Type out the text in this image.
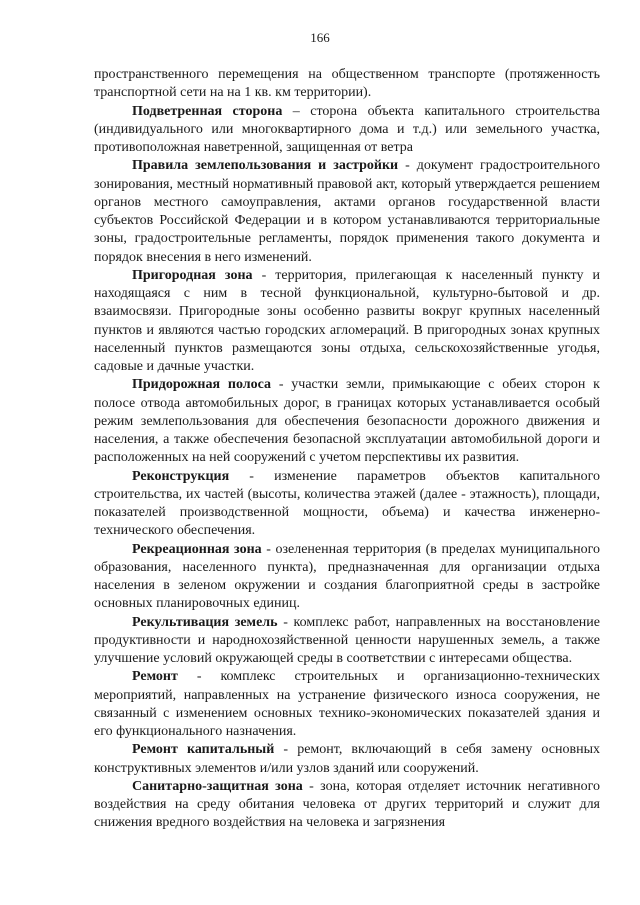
166

пространственного перемещения на общественном транспорте (протяженность транспортной сети на на 1 кв. км территории).

Подветренная сторона – сторона объекта капитального строительства (индивидуального или многоквартирного дома и т.д.) или земельного участка, противоположная наветренной, защищенная от ветра

Правила землепользования и застройки - документ градостроительного зонирования, местный нормативный правовой акт, который утверждается решением органов местного самоуправления, актами органов государственной власти субъектов Российской Федерации и в котором устанавливаются территориальные зоны, градостроительные регламенты, порядок применения такого документа и порядок внесения в него изменений.

Пригородная зона - территория, прилегающая к населенный пункту и находящаяся с ним в тесной функциональной, культурно-бытовой и др. взаимосвязи. Пригородные зоны особенно развиты вокруг крупных населенный пунктов и являются частью городских агломераций. В пригородных зонах крупных населенный пунктов размещаются зоны отдыха, сельскохозяйственные угодья, садовые и дачные участки.

Придорожная полоса - участки земли, примыкающие с обеих сторон к полосе отвода автомобильных дорог, в границах которых устанавливается особый режим землепользования для обеспечения безопасности дорожного движения и населения, а также обеспечения безопасной эксплуатации автомобильной дороги и расположенных на ней сооружений с учетом перспективы их развития.

Реконструкция - изменение параметров объектов капитального строительства, их частей (высоты, количества этажей (далее - этажность), площади, показателей производственной мощности, объема) и качества инженерно-технического обеспечения.

Рекреационная зона - озелененная территория (в пределах муниципального образования, населенного пункта), предназначенная для организации отдыха населения в зеленом окружении и создания благоприятной среды в застройке основных планировочных единиц.

Рекультивация земель - комплекс работ, направленных на восстановление продуктивности и народнохозяйственной ценности нарушенных земель, а также улучшение условий окружающей среды в соответствии с интересами общества.

Ремонт - комплекс строительных и организационно-технических мероприятий, направленных на устранение физического износа сооружения, не связанный с изменением основных технико-экономических показателей здания и его функционального назначения.

Ремонт капитальный - ремонт, включающий в себя замену основных конструктивных элементов и/или узлов зданий или сооружений.

Санитарно-защитная зона - зона, которая отделяет источник негативного воздействия на среду обитания человека от других территорий и служит для снижения вредного воздействия на человека и загрязнения
